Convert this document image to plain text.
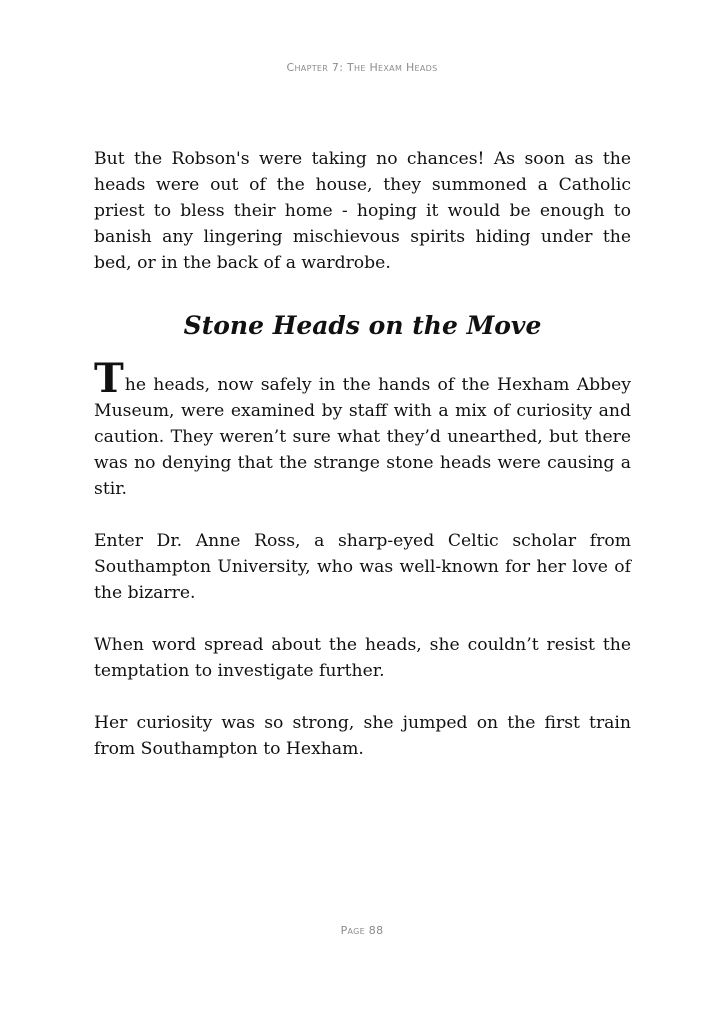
Chapter 7: The Hexam Heads

But the Robson's were taking no chances! As soon as the heads were out of the house, they summoned a Catholic priest to bless their home - hoping it would be enough to banish any lingering mischievous spirits hiding under the bed, or in the back of a wardrobe.

Stone Heads on the Move

The heads, now safely in the hands of the Hexham Abbey Museum, were examined by staff with a mix of curiosity and caution. They weren’t sure what they’d unearthed, but there was no denying that the strange stone heads were causing a stir.

Enter Dr. Anne Ross, a sharp-eyed Celtic scholar from Southampton University, who was well-known for her love of the bizarre.

When word spread about the heads, she couldn’t resist the temptation to investigate further.

Her curiosity was so strong, she jumped on the first train from Southampton to Hexham.

Page 88
